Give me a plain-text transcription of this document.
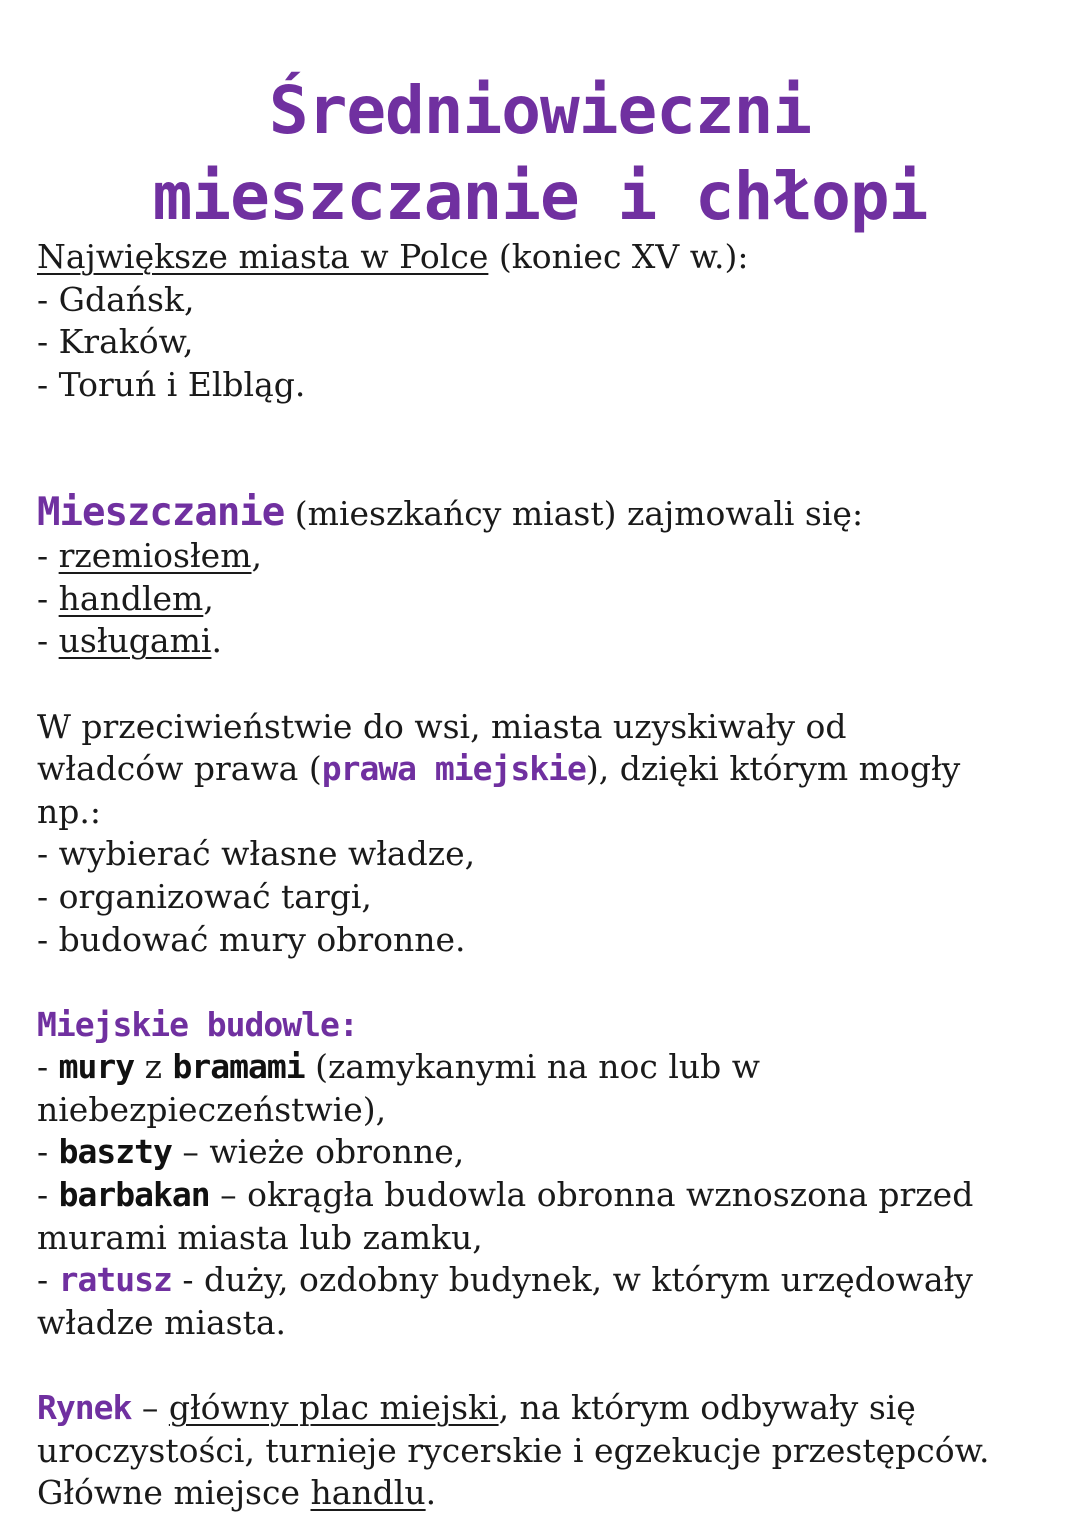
Średniowieczni
mieszczanie i chłopi

Największe miasta w Polce (koniec XV w.):

- Gdańsk,

- Kraków,

- Toruń i Elbląg.

Mieszczanie (mieszkańcy miast) zajmowali się:

- rzemiosłem,

- handlem,

- usługami.

W przeciwieństwie do wsi, miasta uzyskiwały od

władców prawa (prawa miejskie), dzięki którym mogły

np.:

- wybierać własne władze,

- organizować targi,

- budować mury obronne.

Miejskie budowle:

- mury z bramami (zamykanymi na noc lub w

niebezpieczeństwie),

- baszty – wieże obronne,

- barbakan – okrągła budowla obronna wznoszona przed

murami miasta lub zamku,

- ratusz - duży, ozdobny budynek, w którym urzędowały

władze miasta.

Rynek – główny plac miejski, na którym odbywały się

uroczystości, turnieje rycerskie i egzekucje przestępców.

Główne miejsce handlu.
